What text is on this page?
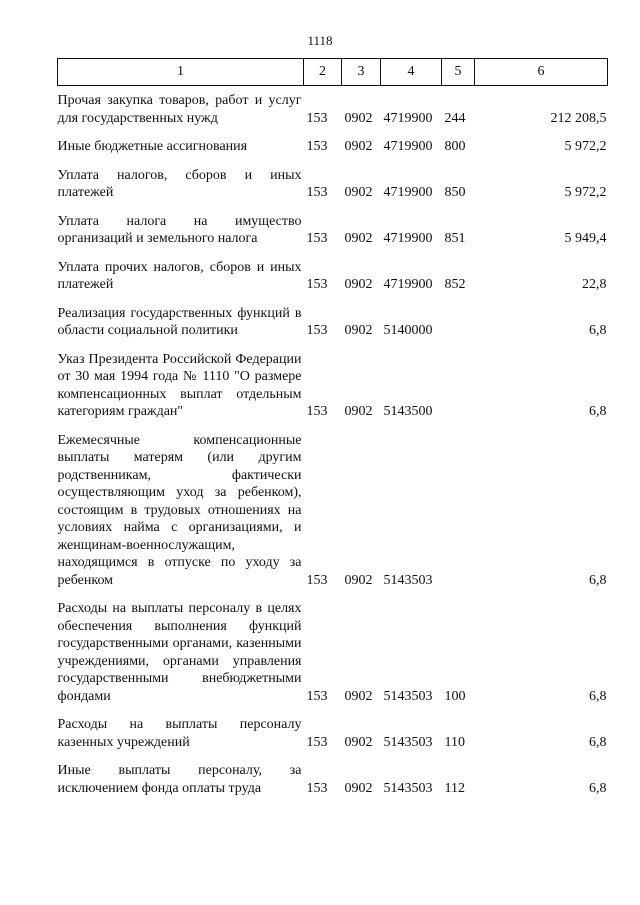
1118
1	2	3	4	5	6
Прочая закупка товаров, работ и услуг для государственных нужд	153	0902	4719900	244	212 208,5
Иные бюджетные ассигнования	153	0902	4719900	800	5 972,2
Уплата налогов, сборов и иных платежей	153	0902	4719900	850	5 972,2
Уплата налога на имущество организаций и земельного налога	153	0902	4719900	851	5 949,4
Уплата прочих налогов, сборов и иных платежей	153	0902	4719900	852	22,8
Реализация государственных функций в области социальной политики	153	0902	5140000		6,8
Указ Президента Российской Федерации от 30 мая 1994 года № 1110 "О размере компенсационных выплат отдельным категориям граждан"	153	0902	5143500		6,8
Ежемесячные компенсационные выплаты матерям (или другим родственникам, фактически осуществляющим уход за ребенком), состоящим в трудовых отношениях на условиях найма с организациями, и женщинам-военнослужащим, находящимся в отпуске по уходу за ребенком	153	0902	5143503		6,8
Расходы на выплаты персоналу в целях обеспечения выполнения функций государственными органами, казенными учреждениями, органами управления государственными внебюджетными фондами	153	0902	5143503	100	6,8
Расходы на выплаты персоналу казенных учреждений	153	0902	5143503	110	6,8
Иные выплаты персоналу, за исключением фонда оплаты труда	153	0902	5143503	112	6,8
